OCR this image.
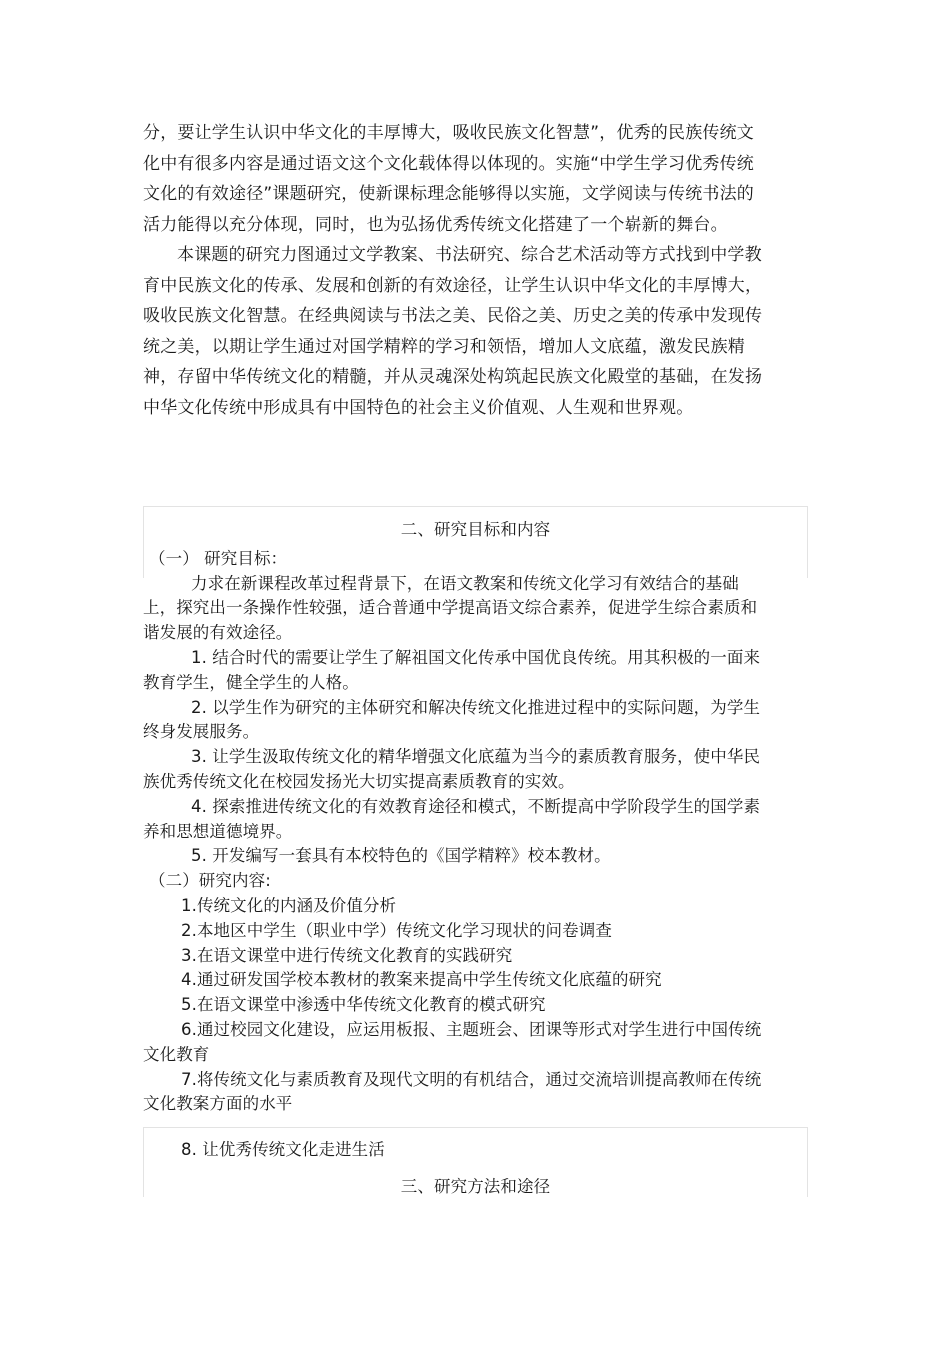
分，要让学生认识中华文化的丰厚博大，吸收民族文化智慧”，优秀的民族传统文化中有很多内容是通过语文这个文化载体得以体现的。实施“中学生学习优秀传统文化的有效途径”课题研究，使新课标理念能够得以实施，文学阅读与传统书法的活力能得以充分体现，同时，也为弘扬优秀传统文化搭建了一个崭新的舞台。

本课题的研究力图通过文学教案、书法研究、综合艺术活动等方式找到中学教育中民族文化的传承、发展和创新的有效途径，让学生认识中华文化的丰厚博大，吸收民族文化智慧。在经典阅读与书法之美、民俗之美、历史之美的传承中发现传统之美，以期让学生通过对国学精粹的学习和领悟，增加人文底蕴，激发民族精神，存留中华传统文化的精髓，并从灵魂深处构筑起民族文化殿堂的基础，在发扬中华文化传统中形成具有中国特色的社会主义价值观、人生观和世界观。

二、研究目标和内容

（一） 研究目标：

力求在新课程改革过程背景下，在语文教案和传统文化学习有效结合的基础上，探究出一条操作性较强，适合普通中学提高语文综合素养，促进学生综合素质和谐发展的有效途径。

1. 结合时代的需要让学生了解祖国文化传承中国优良传统。用其积极的一面来教育学生，健全学生的人格。

2. 以学生作为研究的主体研究和解决传统文化推进过程中的实际问题，为学生终身发展服务。

3. 让学生汲取传统文化的精华增强文化底蕴为当今的素质教育服务，使中华民族优秀传统文化在校园发扬光大切实提高素质教育的实效。

4. 探索推进传统文化的有效教育途径和模式，不断提高中学阶段学生的国学素养和思想道德境界。

5. 开发编写一套具有本校特色的《国学精粹》校本教材。

（二）研究内容:

1.传统文化的内涵及价值分析

2.本地区中学生（职业中学）传统文化学习现状的问卷调查

3.在语文课堂中进行传统文化教育的实践研究

4.通过研发国学校本教材的教案来提高中学生传统文化底蕴的研究

5.在语文课堂中渗透中华传统文化教育的模式研究

6.通过校园文化建设，应运用板报、主题班会、团课等形式对学生进行中国传统文化教育

7.将传统文化与素质教育及现代文明的有机结合，通过交流培训提高教师在传统文化教案方面的水平

8. 让优秀传统文化走进生活

三、研究方法和途径
